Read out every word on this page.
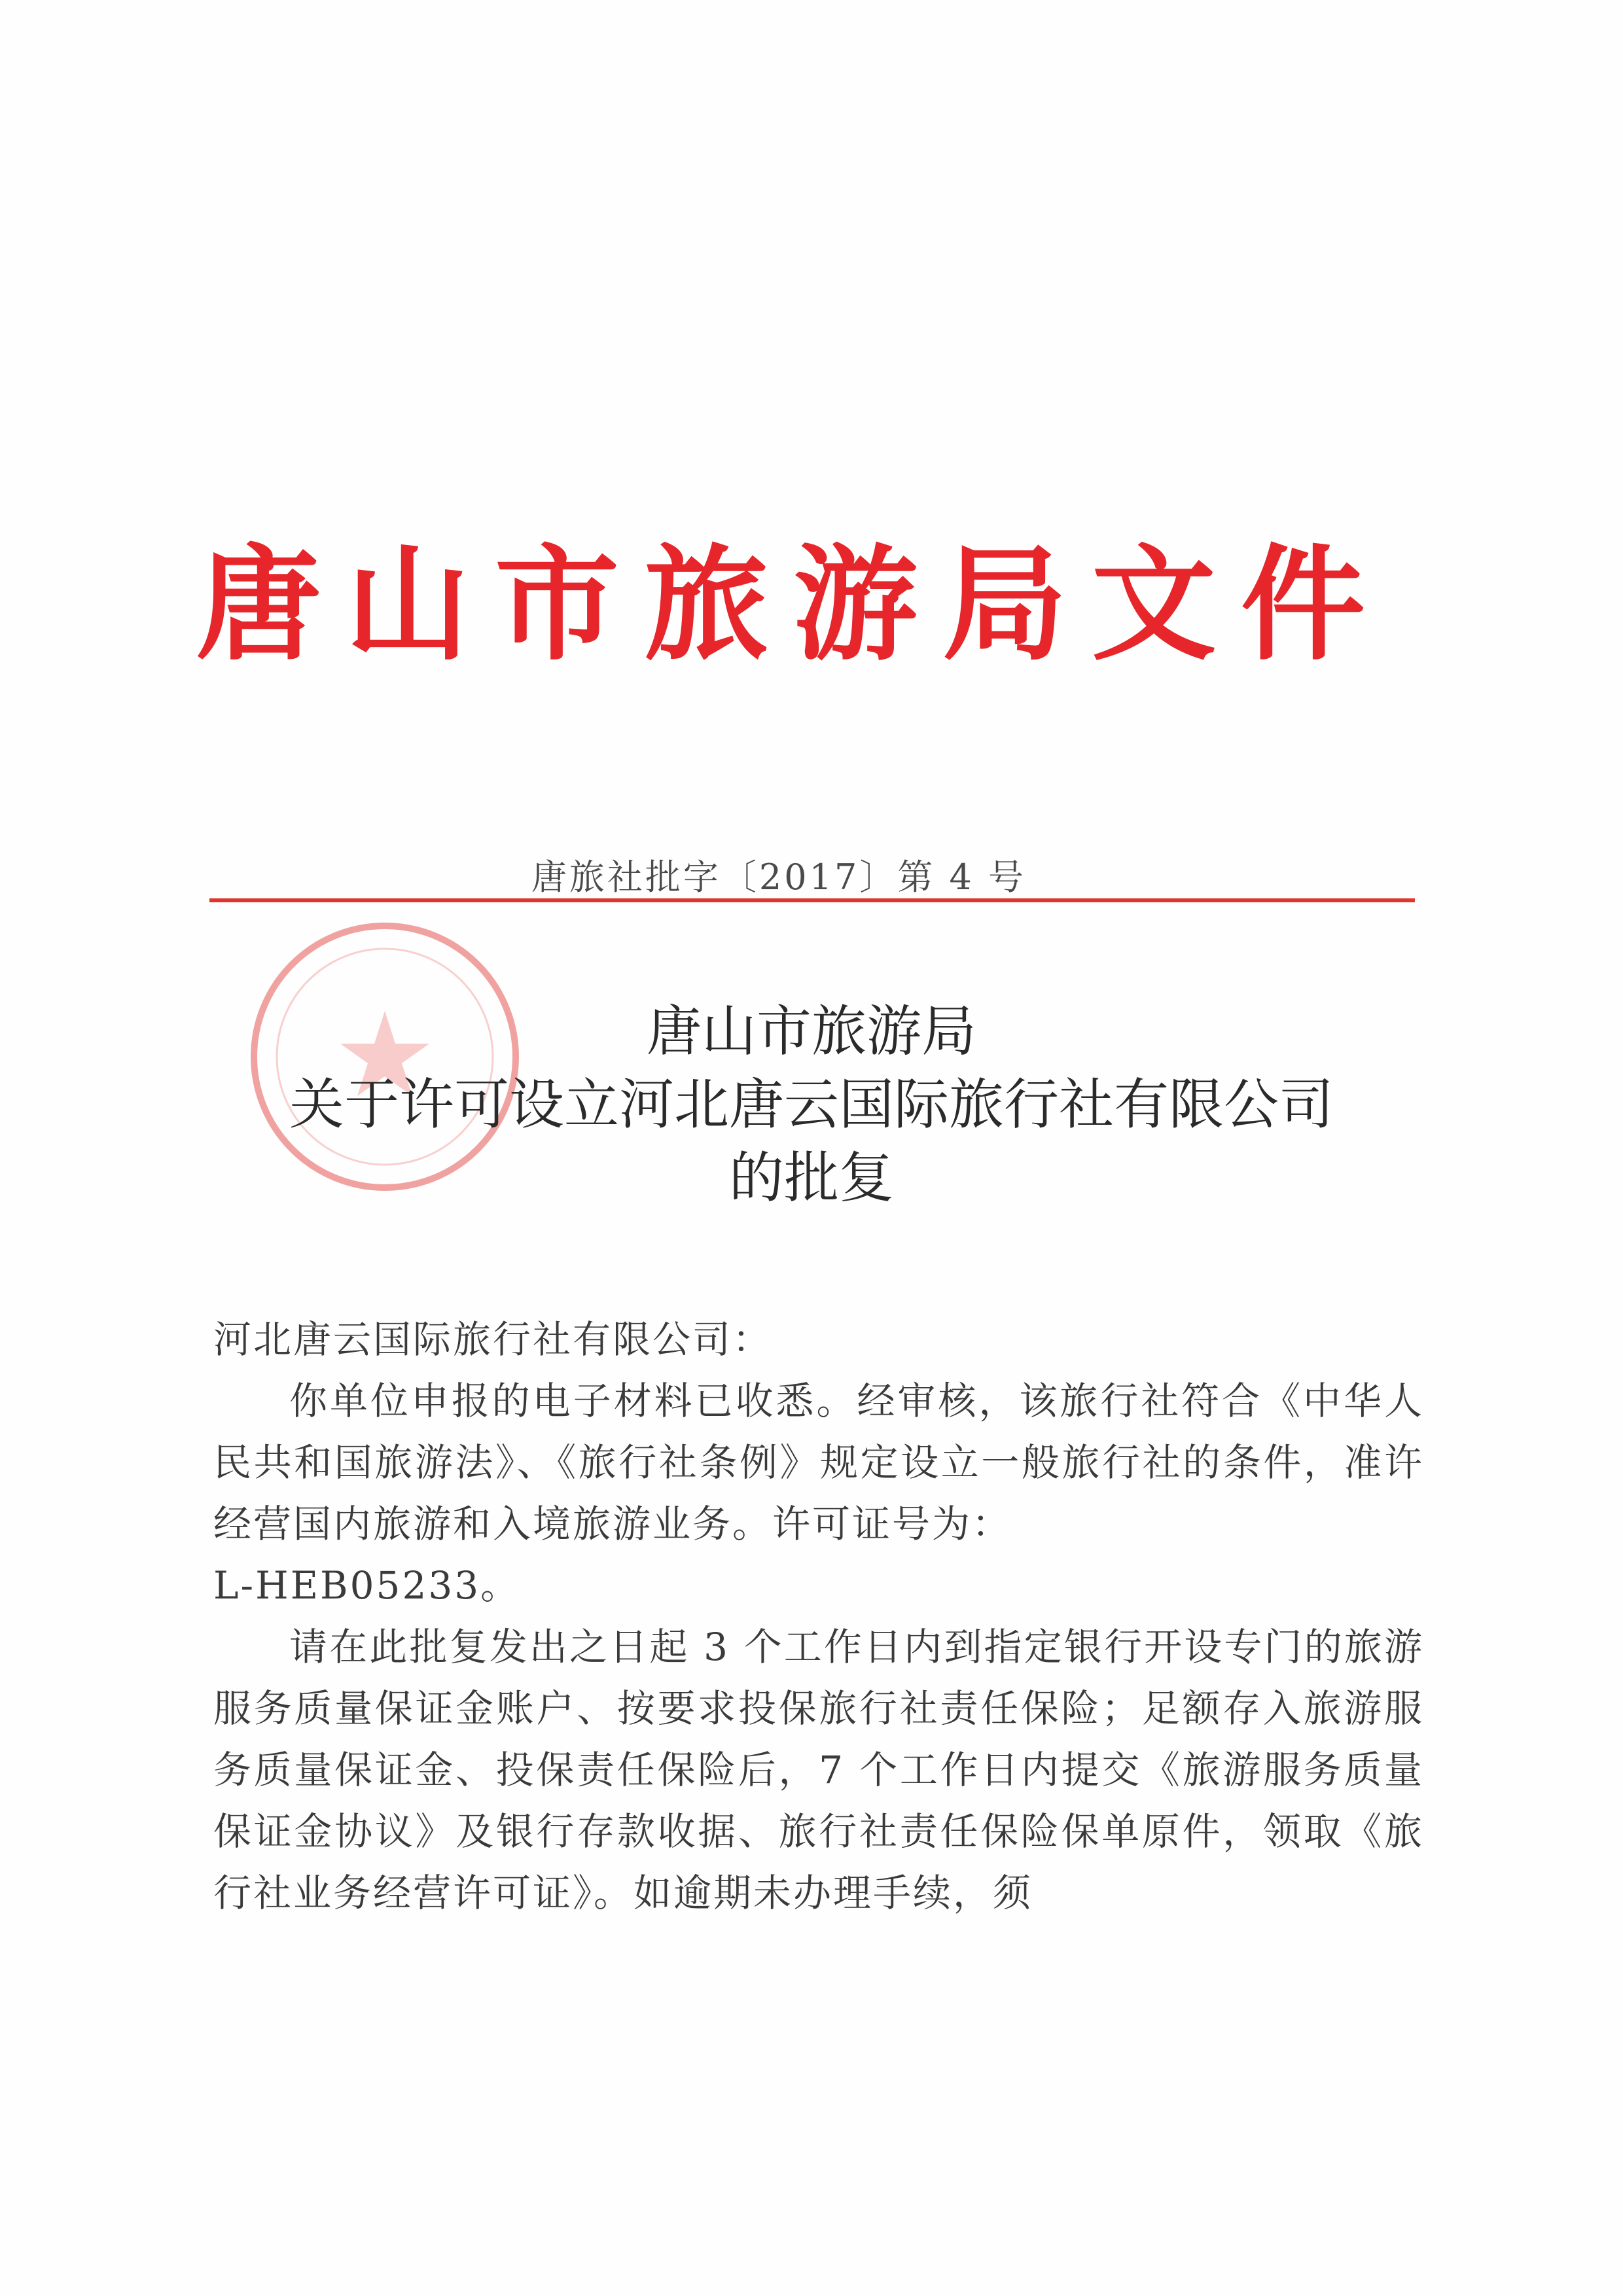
唐山市旅游局文件
唐旅社批字〔2017〕第 4 号
唐山市旅游局
关于许可设立河北唐云国际旅行社有限公司
的批复
河北唐云国际旅行社有限公司：

你单位申报的电子材料已收悉。经审核，该旅行社符合《中华人民共和国旅游法》、《旅行社条例》规定设立一般旅行社的条件，准许经营国内旅游和入境旅游业务。许可证号为：
L-HEB05233。

请在此批复发出之日起 3 个工作日内到指定银行开设专门的旅游服务质量保证金账户、按要求投保旅行社责任保险；足额存入旅游服务质量保证金、投保责任保险后，7 个工作日内提交《旅游服务质量保证金协议》及银行存款收据、旅行社责任保险保单原件，领取《旅行社业务经营许可证》。如逾期未办理手续，须
